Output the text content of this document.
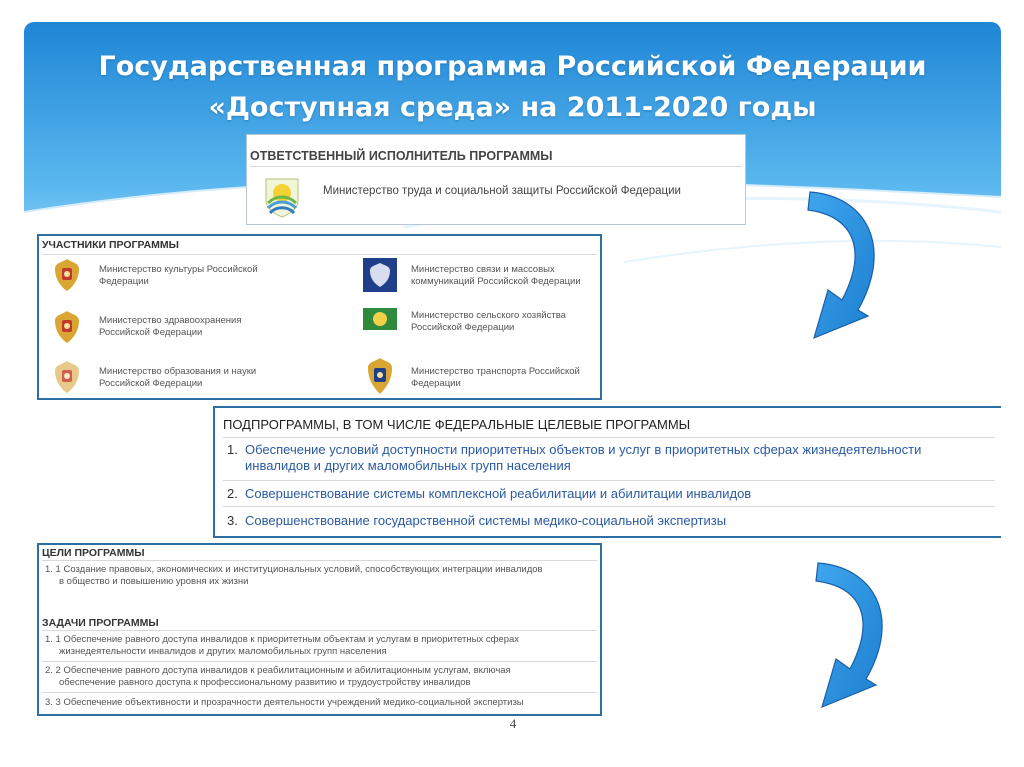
Государственная программа Российской Федерации
«Доступная среда» на 2011-2020 годы
ОТВЕТСТВЕННЫЙ ИСПОЛНИТЕЛЬ ПРОГРАММЫ
Министерство труда и социальной защиты Российской Федерации
УЧАСТНИКИ ПРОГРАММЫ
Министерство культуры Российской
Федерации
Министерство здравоохранения
Российской Федерации
Министерство образования и науки
Российской Федерации
Министерство связи и массовых
коммуникаций Российской Федерации
Министерство сельского хозяйства
Российской Федерации
Министерство транспорта Российской
Федерации
ПОДПРОГРАММЫ, В ТОМ ЧИСЛЕ ФЕДЕРАЛЬНЫЕ ЦЕЛЕВЫЕ ПРОГРАММЫ
1. Обеспечение условий доступности приоритетных объектов и услуг в приоритетных сферах жизнедеятельности
инвалидов и других маломобильных групп населения
2. Совершенствование системы комплексной реабилитации и абилитации инвалидов
3. Совершенствование государственной системы медико-социальной экспертизы
ЦЕЛИ ПРОГРАММЫ
1. 1 Создание правовых, экономических и институциональных условий, способствующих интеграции инвалидов
в общество и повышению уровня их жизни
ЗАДАЧИ ПРОГРАММЫ
1. 1 Обеспечение равного доступа инвалидов к приоритетным объектам и услугам в приоритетных сферах
жизнедеятельности инвалидов и других маломобильных групп населения
2. 2 Обеспечение равного доступа инвалидов к реабилитационным и абилитационным услугам, включая
обеспечение равного доступа к профессиональному развитию и трудоустройству инвалидов
3. 3 Обеспечение объективности и прозрачности деятельности учреждений медико-социальной экспертизы
4
